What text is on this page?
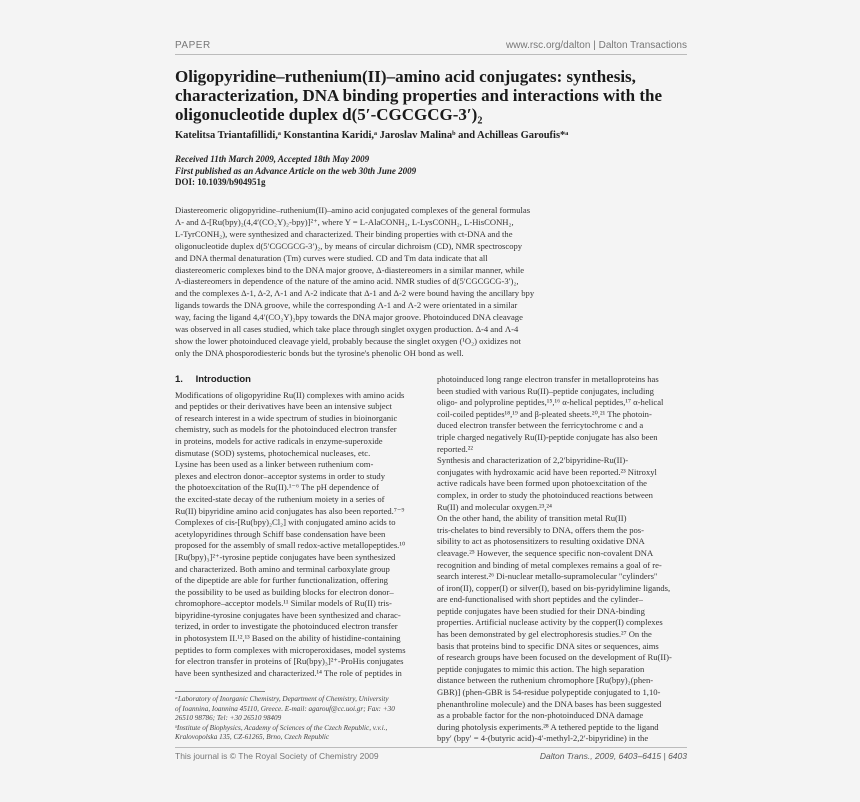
PAPER	www.rsc.org/dalton | Dalton Transactions
Oligopyridine–ruthenium(II)–amino acid conjugates: synthesis,
characterization, DNA binding properties and interactions with the
oligonucleotide duplex d(5′-CGCGCG-3′)₂
Katelitsa Triantafillidi,ᵃ Konstantina Karidi,ᵃ Jaroslav Malinaᵇ and Achilleas Garoufis*ᵃ
Received 11th March 2009, Accepted 18th May 2009
First published as an Advance Article on the web 30th June 2009
DOI: 10.1039/b904951g
Diastereomeric oligopyridine–ruthenium(II)–amino acid conjugated complexes of the general formulas
Λ- and Δ-[Ru(bpy)₂(4,4′(CO₂Y)₂-bpy)]²⁺, where Y = L-AlaCONH₂, L-LysCONH₂, L-HisCONH₂,
L-TyrCONH₂), were synthesized and characterized. Their binding properties with ct-DNA and the
oligonucleotide duplex d(5′CGCGCG-3′)₂, by means of circular dichroism (CD), NMR spectroscopy
and DNA thermal denaturation (Tm) curves were studied. CD and Tm data indicate that all
diastereomeric complexes bind to the DNA major groove, Δ-diastereomers in a similar manner, while
Λ-diastereomers in dependence of the nature of the amino acid. NMR studies of d(5′CGCGCG-3′)₂,
and the complexes Δ-1, Δ-2, Λ-1 and Λ-2 indicate that Δ-1 and Δ-2 were bound having the ancillary bpy
ligands towards the DNA groove, while the corresponding Λ-1 and Λ-2 were orientated in a similar
way, facing the ligand 4,4′(CO₂Y)₂bpy towards the DNA major groove. Photoinduced DNA cleavage
was observed in all cases studied, which take place through singlet oxygen production. Δ-4 and Λ-4
show the lower photoinduced cleavage yield, probably because the singlet oxygen (¹O₂) oxidizes not
only the DNA phosporodiesteric bonds but the tyrosine's phenolic OH bond as well.
1. Introduction
Modifications of oligopyridine Ru(II) complexes with amino acids
and peptides or their derivatives have been an intensive subject
of research interest in a wide spectrum of studies in bioinorganic
chemistry, such as models for the photoinduced electron transfer
in proteins, models for active radicals in enzyme-superoxide
dismutase (SOD) systems, photochemical nucleases, etc.
Lysine has been used as a linker between ruthenium com-
plexes and electron donor–acceptor systems in order to study
the photoexcitation of the Ru(II).¹⁻⁶ The pH dependence of
the excited-state decay of the ruthenium moiety in a series of
Ru(II) bipyridine amino acid conjugates has also been reported.⁷⁻⁹
Complexes of cis-[Ru(bpy)₂Cl₂] with conjugated amino acids to
acetylopyridines through Schiff base condensation have been
proposed for the assembly of small redox-active metallopeptides.¹⁰
[Ru(bpy)₃]²⁺-tyrosine peptide conjugates have been synthesized
and characterized. Both amino and terminal carboxylate group
of the dipeptide are able for further functionalization, offering
the possibility to be used as building blocks for electron donor–
chromophore–acceptor models.¹¹ Similar models of Ru(II) tris-
bipyridine-tyrosine conjugates have been synthesized and charac-
terized, in order to investigate the photoinduced electron transfer
in photosystem II.¹²,¹³ Based on the ability of histidine-containing
peptides to form complexes with microperoxidases, model systems
for electron transfer in proteins of [Ru(bpy)₃]²⁺-ProHis conjugates
have been synthesized and characterized.¹⁴ The role of peptides in
ᵃLaboratory of Inorganic Chemistry, Department of Chemistry, University
of Ioannina, Ioannina 45110, Greece. E-mail: agarouf@cc.uoi.gr; Fax: +30
26510 98786; Tel: +30 26510 98409
ᵇInstitute of Biophysics, Academy of Sciences of the Czech Republic, v.v.i.,
Kralovopolska 135, CZ-61265, Brno, Czech Republic
photoinduced long range electron transfer in metalloproteins has
been studied with various Ru(II)–peptide conjugates, including
oligo- and polyproline peptides,¹⁵,¹⁶ α-helical peptides,¹⁷ α-helical
coil-coiled peptides¹⁸,¹⁹ and β-pleated sheets.²⁰,²¹ The photoin-
duced electron transfer between the ferricytochrome c and a
triple charged negatively Ru(II)-peptide conjugate has also been
reported.²²
Synthesis and characterization of 2,2′bipyridine-Ru(II)-
conjugates with hydroxamic acid have been reported.²³ Nitroxyl
active radicals have been formed upon photoexcitation of the
complex, in order to study the photoinduced reactions between
Ru(II) and molecular oxygen.²³,²⁴
On the other hand, the ability of transition metal Ru(II)
tris-chelates to bind reversibly to DNA, offers them the pos-
sibility to act as photosensitizers to resulting oxidative DNA
cleavage.²⁵ However, the sequence specific non-covalent DNA
recognition and binding of metal complexes remains a goal of re-
search interest.²⁶ Di-nuclear metallo-supramolecular "cylinders"
of iron(II), copper(I) or silver(I), based on bis-pyridylimine ligands,
are end-functionalised with short peptides and the cylinder–
peptide conjugates have been studied for their DNA-binding
properties. Artificial nuclease activity by the copper(I) complexes
has been demonstrated by gel electrophoresis studies.²⁷ On the
basis that proteins bind to specific DNA sites or sequences, aims
of research groups have been focused on the development of Ru(II)-
peptide conjugates to mimic this action. The high separation
distance between the ruthenium chromophore [Ru(bpy)₂(phen-
GBR)] (phen-GBR is 54-residue polypeptide conjugated to 1,10-
phenanthroline molecule) and the DNA bases has been suggested
as a probable factor for the non-photoinduced DNA damage
during photolysis experiments.²⁸ A tethered peptide to the ligand
bpy′ (bpy′ = 4-(butyric acid)-4′-methyl-2,2′-bipyridine) in the
This journal is © The Royal Society of Chemistry 2009	Dalton Trans., 2009, 6403–6415 | 6403
